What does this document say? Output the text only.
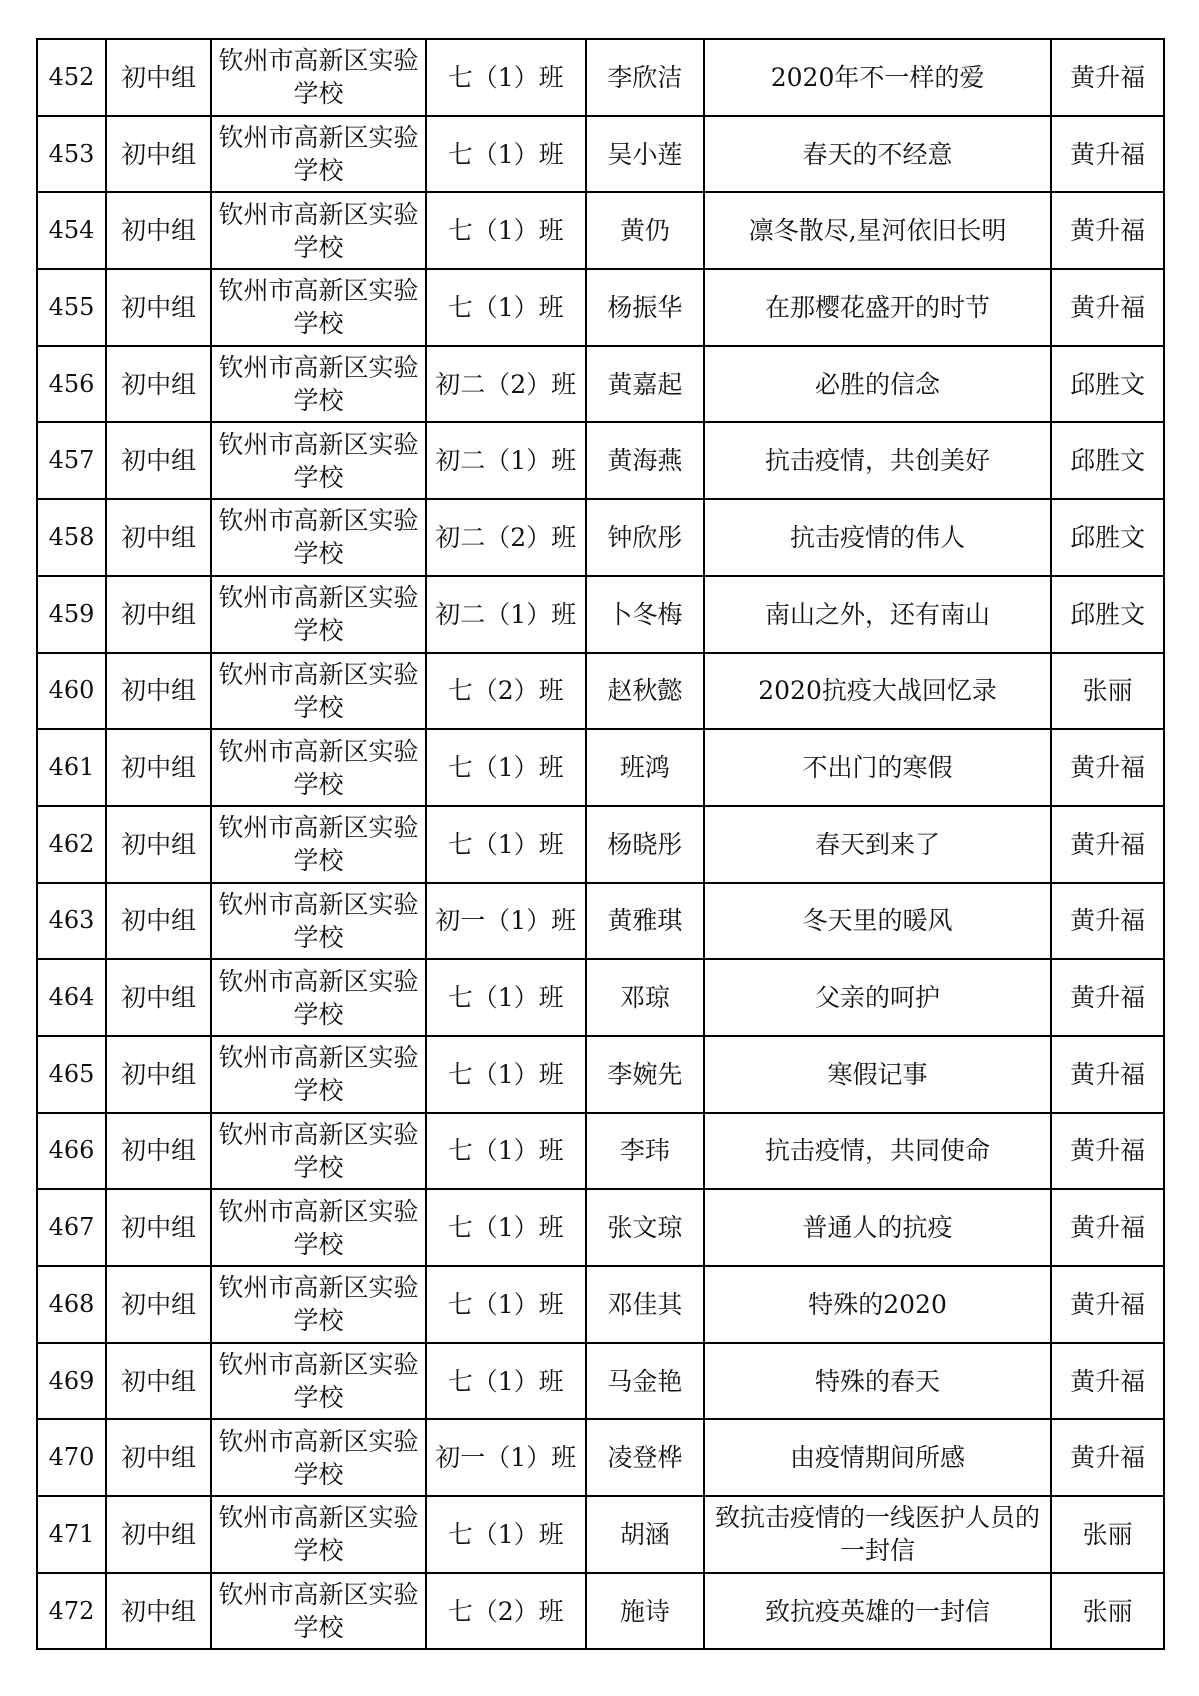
452	初中组	钦州市高新区实验学校	七（1）班	李欣洁	2020年不一样的爱	黄升福
453	初中组	钦州市高新区实验学校	七（1）班	吴小莲	春天的不经意	黄升福
454	初中组	钦州市高新区实验学校	七（1）班	黄仍	凛冬散尽,星河依旧长明	黄升福
455	初中组	钦州市高新区实验学校	七（1）班	杨振华	在那樱花盛开的时节	黄升福
456	初中组	钦州市高新区实验学校	初二（2）班	黄嘉起	必胜的信念	邱胜文
457	初中组	钦州市高新区实验学校	初二（1）班	黄海燕	抗击疫情，共创美好	邱胜文
458	初中组	钦州市高新区实验学校	初二（2）班	钟欣彤	抗击疫情的伟人	邱胜文
459	初中组	钦州市高新区实验学校	初二（1）班	卜冬梅	南山之外，还有南山	邱胜文
460	初中组	钦州市高新区实验学校	七（2）班	赵秋懿	2020抗疫大战回忆录	张丽
461	初中组	钦州市高新区实验学校	七（1）班	班鸿	不出门的寒假	黄升福
462	初中组	钦州市高新区实验学校	七（1）班	杨晓彤	春天到来了	黄升福
463	初中组	钦州市高新区实验学校	初一（1）班	黄雅琪	冬天里的暖风	黄升福
464	初中组	钦州市高新区实验学校	七（1）班	邓琼	父亲的呵护	黄升福
465	初中组	钦州市高新区实验学校	七（1）班	李婉先	寒假记事	黄升福
466	初中组	钦州市高新区实验学校	七（1）班	李玮	抗击疫情，共同使命	黄升福
467	初中组	钦州市高新区实验学校	七（1）班	张文琼	普通人的抗疫	黄升福
468	初中组	钦州市高新区实验学校	七（1）班	邓佳其	特殊的2020	黄升福
469	初中组	钦州市高新区实验学校	七（1）班	马金艳	特殊的春天	黄升福
470	初中组	钦州市高新区实验学校	初一（1）班	凌登桦	由疫情期间所感	黄升福
471	初中组	钦州市高新区实验学校	七（1）班	胡涵	致抗击疫情的一线医护人员的一封信	张丽
472	初中组	钦州市高新区实验学校	七（2）班	施诗	致抗疫英雄的一封信	张丽
